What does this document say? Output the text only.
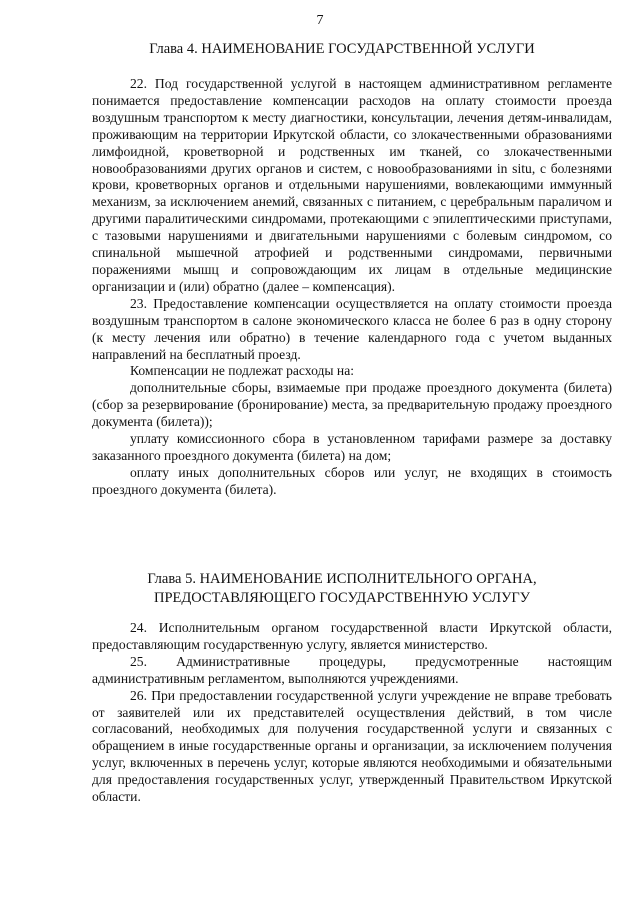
7
Глава 4. НАИМЕНОВАНИЕ ГОСУДАРСТВЕННОЙ УСЛУГИ

22. Под государственной услугой в настоящем административном регламенте понимается предоставление компенсации расходов на оплату стоимости проезда воздушным транспортом к месту диагностики, консультации, лечения детям-инвалидам, проживающим на территории Иркутской области, со злокачественными образованиями лимфоидной, кроветворной и родственных им тканей, со злокачественными новообразованиями других органов и систем, с новообразованиями in situ, с болезнями крови, кроветворных органов и отдельными нарушениями, вовлекающими иммунный механизм, за исключением анемий, связанных с питанием, с церебральным параличом и другими паралитическими синдромами, протекающими с эпилептическими приступами, с тазовыми нарушениями и двигательными нарушениями с болевым синдромом, со спинальной мышечной атрофией и родственными синдромами, первичными поражениями мышц и сопровождающим их лицам в отдельные медицинские организации и (или) обратно (далее – компенсация).

23. Предоставление компенсации осуществляется на оплату стоимости проезда воздушным транспортом в салоне экономического класса не более 6 раз в одну сторону (к месту лечения или обратно) в течение календарного года с учетом выданных направлений на бесплатный проезд.

Компенсации не подлежат расходы на:

дополнительные сборы, взимаемые при продаже проездного документа (билета) (сбор за резервирование (бронирование) места, за предварительную продажу проездного документа (билета));

уплату комиссионного сбора в установленном тарифами размере за доставку заказанного проездного документа (билета) на дом;

оплату иных дополнительных сборов или услуг, не входящих в стоимость проездного документа (билета).

Глава 5. НАИМЕНОВАНИЕ ИСПОЛНИТЕЛЬНОГО ОРГАНА,
ПРЕДОСТАВЛЯЮЩЕГО ГОСУДАРСТВЕННУЮ УСЛУГУ

24. Исполнительным органом государственной власти Иркутской области, предоставляющим государственную услугу, является министерство.

25. Административные процедуры, предусмотренные настоящим административным регламентом, выполняются учреждениями.

26. При предоставлении государственной услуги учреждение не вправе требовать от заявителей или их представителей осуществления действий, в том числе согласований, необходимых для получения государственной услуги и связанных с обращением в иные государственные органы и организации, за исключением получения услуг, включенных в перечень услуг, которые являются необходимыми и обязательными для предоставления государственных услуг, утвержденный Правительством Иркутской области.
